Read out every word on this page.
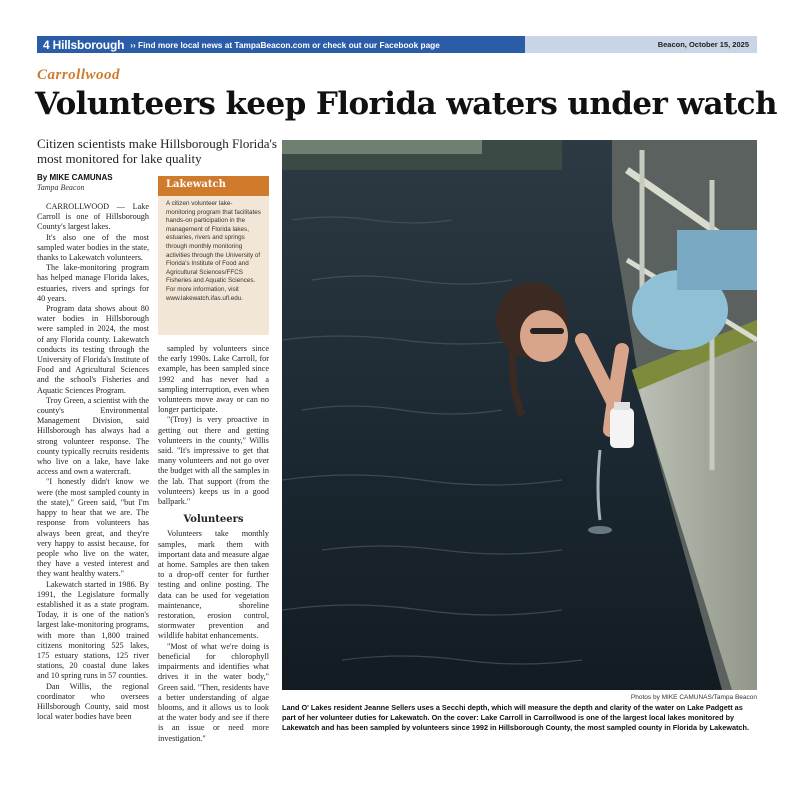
4 Hillsborough ›› Find more local news at TampaBeacon.com or check out our Facebook page	Beacon, October 15, 2025
Carrollwood
Volunteers keep Florida waters under watch
Citizen scientists make Hillsborough Florida's most monitored for lake quality
By MIKE CAMUNAS
Tampa Beacon

CARROLLWOOD — Lake Carroll is one of Hillsborough County's largest lakes.

It's also one of the most sampled water bodies in the state, thanks to Lakewatch volunteers.

The lake-monitoring program has helped manage Florida lakes, estuaries, rivers and springs for 40 years.

Program data shows about 80 water bodies in Hillsborough were sampled in 2024, the most of any Florida county. Lakewatch conducts its testing through the University of Florida's Institute of Food and Agricultural Sciences and the school's Fisheries and Aquatic Sciences Program.

Troy Green, a scientist with the county's Environmental Management Division, said Hillsborough has always had a strong volunteer response. The county typically recruits residents who live on a lake, have lake access and own a watercraft.

"I honestly didn't know we were (the most sampled county in the state)," Green said, "but I'm happy to hear that we are. The response from volunteers has always been great, and they're very happy to assist because, for people who live on the water, they have a vested interest and they want healthy waters."

Lakewatch started in 1986. By 1991, the Legislature formally established it as a state program. Today, it is one of the nation's largest lake-monitoring programs, with more than 1,800 trained citizens monitoring 525 lakes, 175 estuary stations, 125 river stations, 20 coastal dune lakes and 10 spring runs in 57 counties.

Dan Willis, the regional coordinator who oversees Hillsborough County, said most local water bodies have been

Lakewatch
A citizen volunteer lake-monitoring program that facilitates hands-on participation in the management of Florida lakes, estuaries, rivers and springs through monthly monitoring activities through the University of Florida's Institute of Food and Agricultural Sciences/FFCS Fisheries and Aquatic Sciences. For more information, visit www.lakewatch.ifas.ufl.edu.

sampled by volunteers since the early 1990s. Lake Carroll, for example, has been sampled since 1992 and has never had a sampling interruption, even when volunteers move away or can no longer participate.

"(Troy) is very proactive in getting out there and getting volunteers in the county," Willis said. "It's impressive to get that many volunteers and not go over the budget with all the samples in the lab. That support (from the volunteers) keeps us in a good ballpark."

Volunteers

Volunteers take monthly samples, mark them with important data and measure algae at home. Samples are then taken to a drop-off center for further testing and online posting. The data can be used for vegetation maintenance, shoreline restoration, erosion control, stormwater prevention and wildlife habitat enhancements.

"Most of what we're doing is beneficial for chlorophyll impairments and identifies what drives it in the water body," Green said. "Then, residents have a better understanding of algae blooms, and it allows us to look at the water body and see if there is an issue or need more investigation."

Photos by MIKE CAMUNAS/Tampa Beacon
Land O' Lakes resident Jeanne Sellers uses a Secchi depth, which will measure the depth and clarity of the water on Lake Padgett as part of her volunteer duties for Lakewatch. On the cover: Lake Carroll in Carrollwood is one of the largest local lakes monitored by Lakewatch and has been sampled by volunteers since 1992 in Hillsborough County, the most sampled county in Florida by Lakewatch.
